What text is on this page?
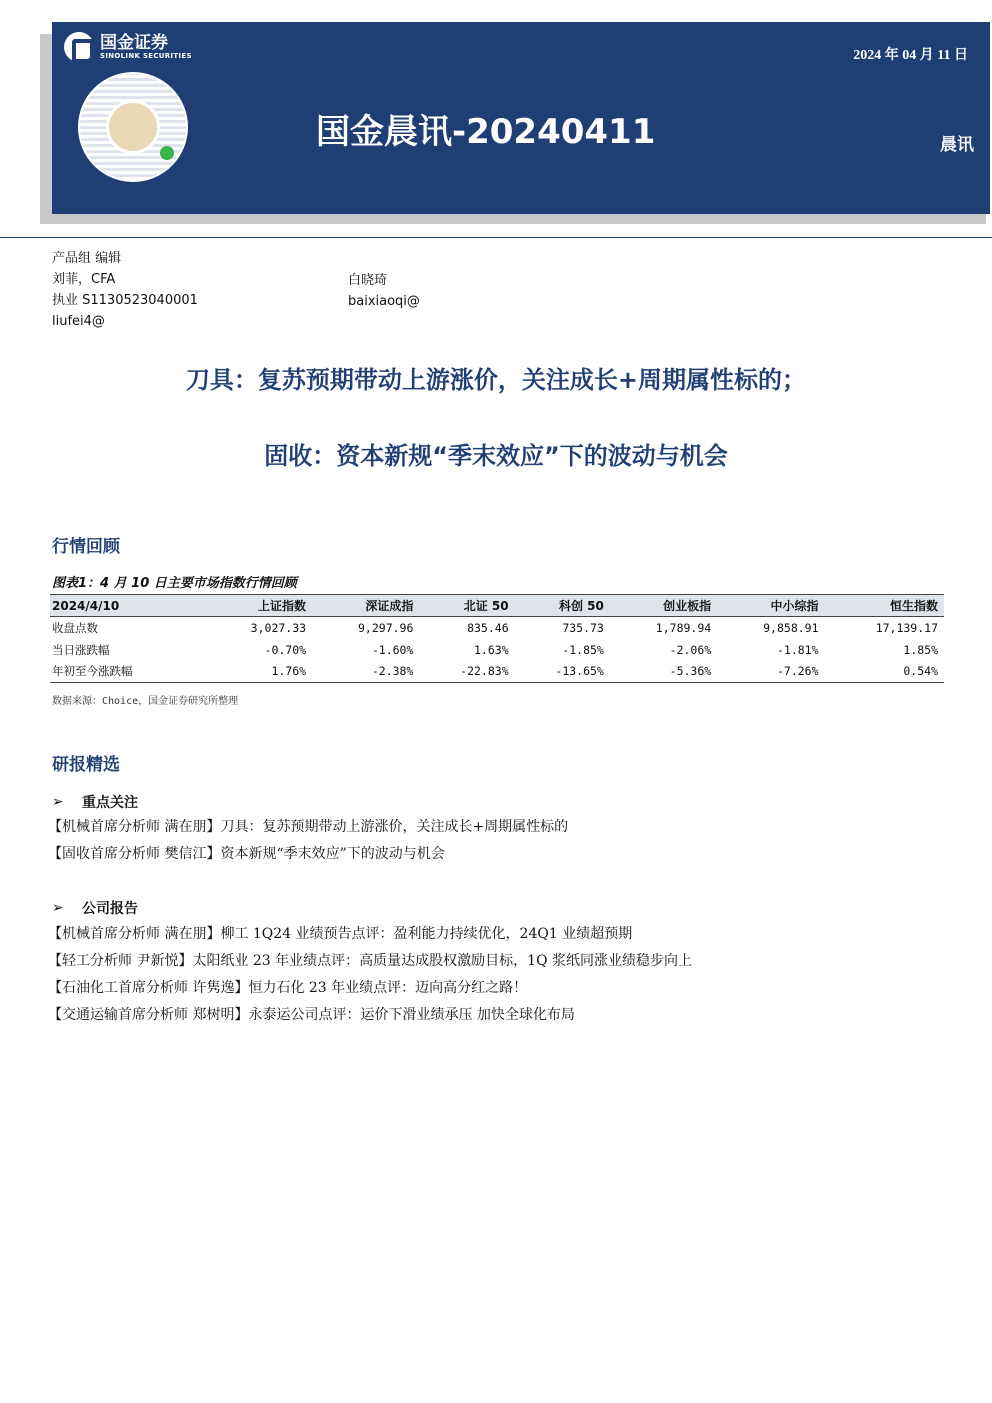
国金证券
SINOLINK SECURITIES	2024 年 04 月 11 日
国金晨讯-20240411	晨讯
产品组 编辑
刘菲，CFA
执业 S1130523040001
liufei4@
白晓琦
baixiaoqi@
刀具：复苏预期带动上游涨价，关注成长+周期属性标的；
固收：资本新规“季末效应”下的波动与机会
行情回顾
图表1：4 月 10 日主要市场指数行情回顾
2024/4/10	上证指数	深证成指	北证 50	科创 50	创业板指	中小综指	恒生指数
收盘点数	3,027.33	9,297.96	835.46	735.73	1,789.94	9,858.91	17,139.17
当日涨跌幅	-0.70%	-1.60%	1.63%	-1.85%	-2.06%	-1.81%	1.85%
年初至今涨跌幅	1.76%	-2.38%	-22.83%	-13.65%	-5.36%	-7.26%	0.54%
数据来源：Choice，国金证券研究所整理
研报精选
➢	重点关注
【机械首席分析师 满在朋】刀具：复苏预期带动上游涨价，关注成长+周期属性标的
【固收首席分析师 樊信江】资本新规“季末效应”下的波动与机会
➢	公司报告
【机械首席分析师 满在朋】柳工 1Q24 业绩预告点评：盈利能力持续优化，24Q1 业绩超预期
【轻工分析师 尹新悦】太阳纸业 23 年业绩点评：高质量达成股权激励目标，1Q 浆纸同涨业绩稳步向上
【石油化工首席分析师 许隽逸】恒力石化 23 年业绩点评：迈向高分红之路！
【交通运输首席分析师 郑树明】永泰运公司点评：运价下滑业绩承压 加快全球化布局
